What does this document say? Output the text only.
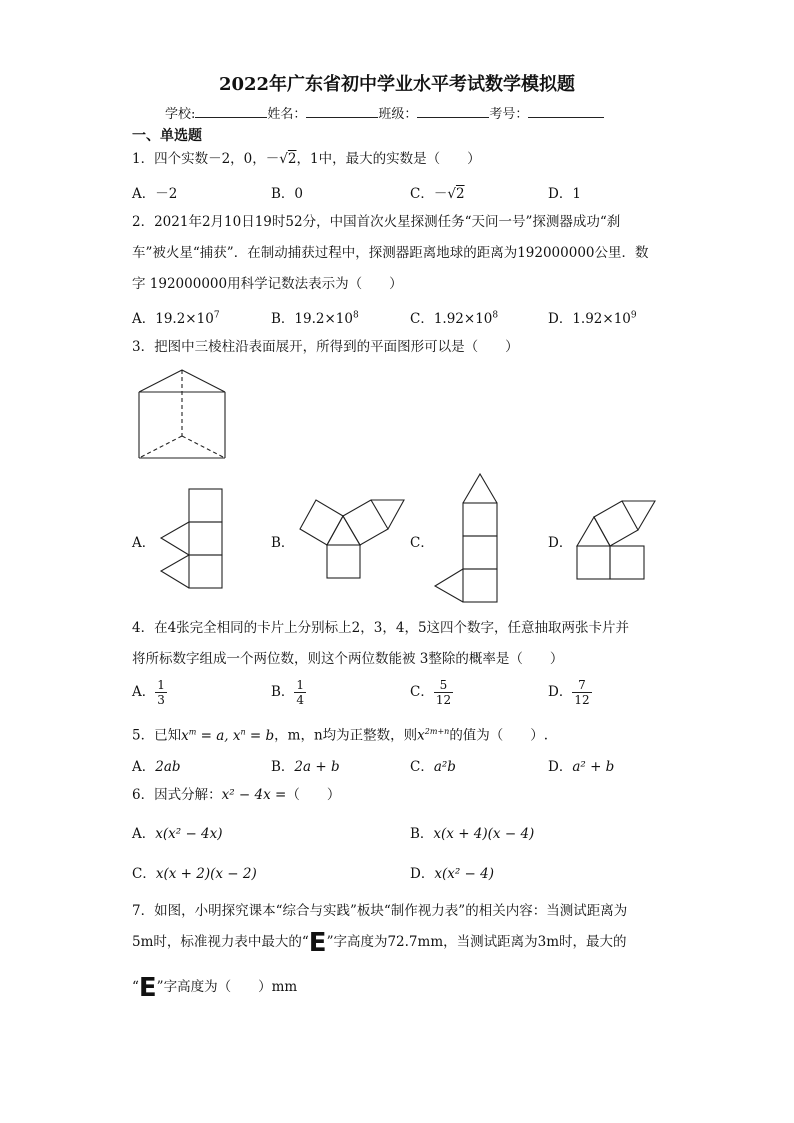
2022年广东省初中学业水平考试数学模拟题
学校:	姓名：	班级：	考号：
一、单选题
1．四个实数－2，0，－√2，1中，最大的实数是（　　）
A．－2	B．0	C．－√2	D．1
2．2021年2月10日19时52分，中国首次火星探测任务“天问一号”探测器成功“刹
车”被火星“捕获”．在制动捕获过程中，探测器距离地球的距离为192000000公里．数
字 192000000用科学记数法表示为（　　）
A．$19.2\times 10^7$	B．$19.2\times 10^8$	C．$1.92\times 10^8$	D．$1.92\times 10^9$
3．把图中三棱柱沿表面展开，所得到的平面图形可以是（　　）
A．	B．	C．	D．
4．在4张完全相同的卡片上分别标上2，3，4，5这四个数字，任意抽取两张卡片并
将所标数字组成一个两位数，则这个两位数能被 3整除的概率是（　　）
A． $\frac{1}{3}$	B． $\frac{1}{4}$	C． $\frac{5}{12}$	D． $\frac{7}{12}$
5．已知$x^m = a$, $x^n = b$，m，n均为正整数，则$x^{2m+n}$的值为（　　）.
A．2ab	B．2a + b	C．a²b	D．a² + b
6．因式分解：x² − 4x =（　　）
A．x(x² − 4x)	B．x(x + 4)(x − 4)
C．x(x + 2)(x − 2)	D．x(x² − 4)
7．如图，小明探究课本“综合与实践”板块“制作视力表”的相关内容：当测试距离为
5m时，标准视力表中最大的“E”字高度为72.7mm，当测试距离为3m时，最大的
“E”字高度为（　　）mm
